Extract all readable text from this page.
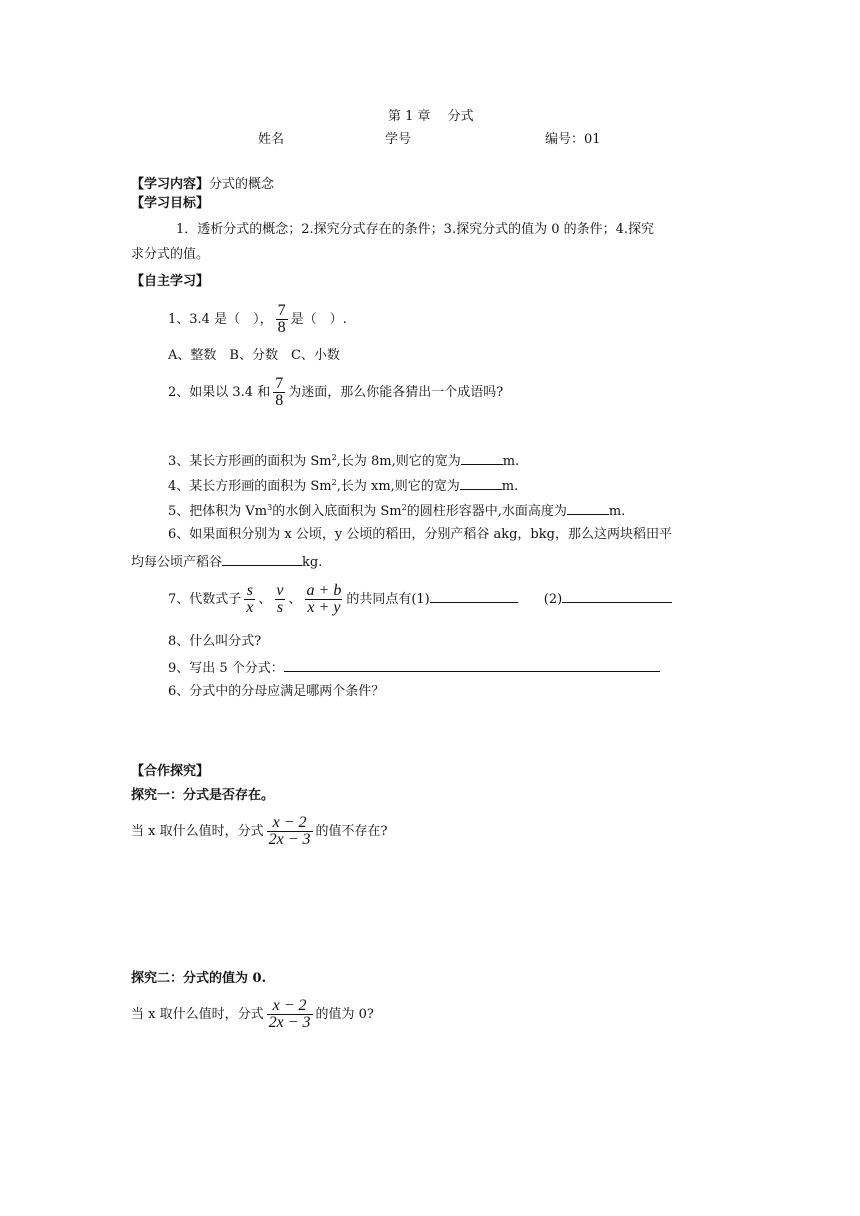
第 1 章　 分式
姓名	学号	编号：01
【学习内容】分式的概念
【学习目标】
1．透析分式的概念；2.探究分式存在的条件；3.探究分式的值为 0 的条件；4.探究
求分式的值。
【自主学习】
1、3.4 是（　）， $\frac{7}{8}$ 是（　）.
A、整数　B、分数　C、小数
2、如果以 3.4 和 $\frac{7}{8}$ 为迷面，那么你能各猜出一个成语吗?
3、某长方形画的面积为 Sm$^2$,长为 8m,则它的宽为	m.
4、某长方形画的面积为 Sm$^2$,长为 xm,则它的宽为	m.
5、把体积为 Vm$^3$的水倒入底面积为 Sm$^2$的圆柱形容器中,水面高度为	m.
6、如果面积分别为 x 公顷，y 公顷的稻田，分别产稻谷 akg，bkg，那么这两块稻田平
均每公顷产稻谷	kg.
7、代数式子 $\frac{s}{x}$ 、 $\frac{v}{s}$ 、 $\frac{a + b}{x + y}$ 的共同点有(1)	(2)
8、什么叫分式?
9、写出 5 个分式：
6、分式中的分母应满足哪两个条件？
【合作探究】
探究一：分式是否存在。
当 x 取什么值时，分式 $\frac{x - 2}{2x - 3}$ 的值不存在?
探究二：分式的值为 0.
当 x 取什么值时，分式 $\frac{x - 2}{2x - 3}$ 的值为 0?
